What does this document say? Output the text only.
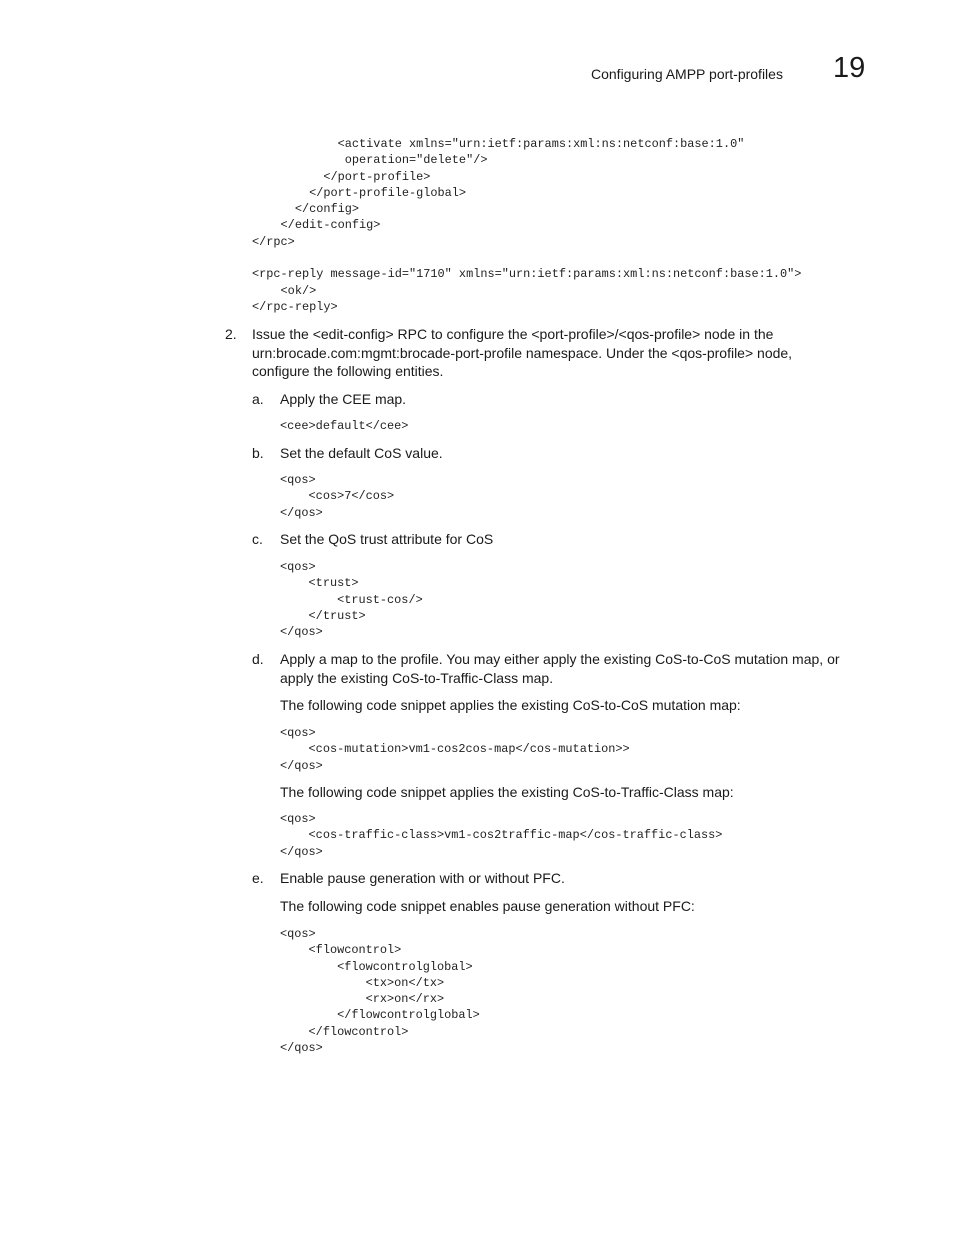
Configuring AMPP port-profiles 19
<activate xmlns="urn:ietf:params:xml:ns:netconf:base:1.0"
operation="delete"/>
</port-profile>
</port-profile-global>
</config>
</edit-config>
</rpc>

<rpc-reply message-id="1710" xmlns="urn:ietf:params:xml:ns:netconf:base:1.0">
<ok/>
</rpc-reply>
2. Issue the <edit-config> RPC to configure the <port-profile>/<qos-profile> node in the
urn:brocade.com:mgmt:brocade-port-profile namespace. Under the <qos-profile> node,
configure the following entities.
a. Apply the CEE map.
<cee>default</cee>
b. Set the default CoS value.
<qos>
<cos>7</cos>
</qos>
c. Set the QoS trust attribute for CoS
<qos>
<trust>
<trust-cos/>
</trust>
</qos>
d. Apply a map to the profile. You may either apply the existing CoS-to-CoS mutation map, or
apply the existing CoS-to-Traffic-Class map.
The following code snippet applies the existing CoS-to-CoS mutation map:
<qos>
<cos-mutation>vm1-cos2cos-map</cos-mutation>>
</qos>
The following code snippet applies the existing CoS-to-Traffic-Class map:
<qos>
<cos-traffic-class>vm1-cos2traffic-map</cos-traffic-class>
</qos>
e. Enable pause generation with or without PFC.
The following code snippet enables pause generation without PFC:
<qos>
<flowcontrol>
<flowcontrolglobal>
<tx>on</tx>
<rx>on</rx>
</flowcontrolglobal>
</flowcontrol>
</qos>
